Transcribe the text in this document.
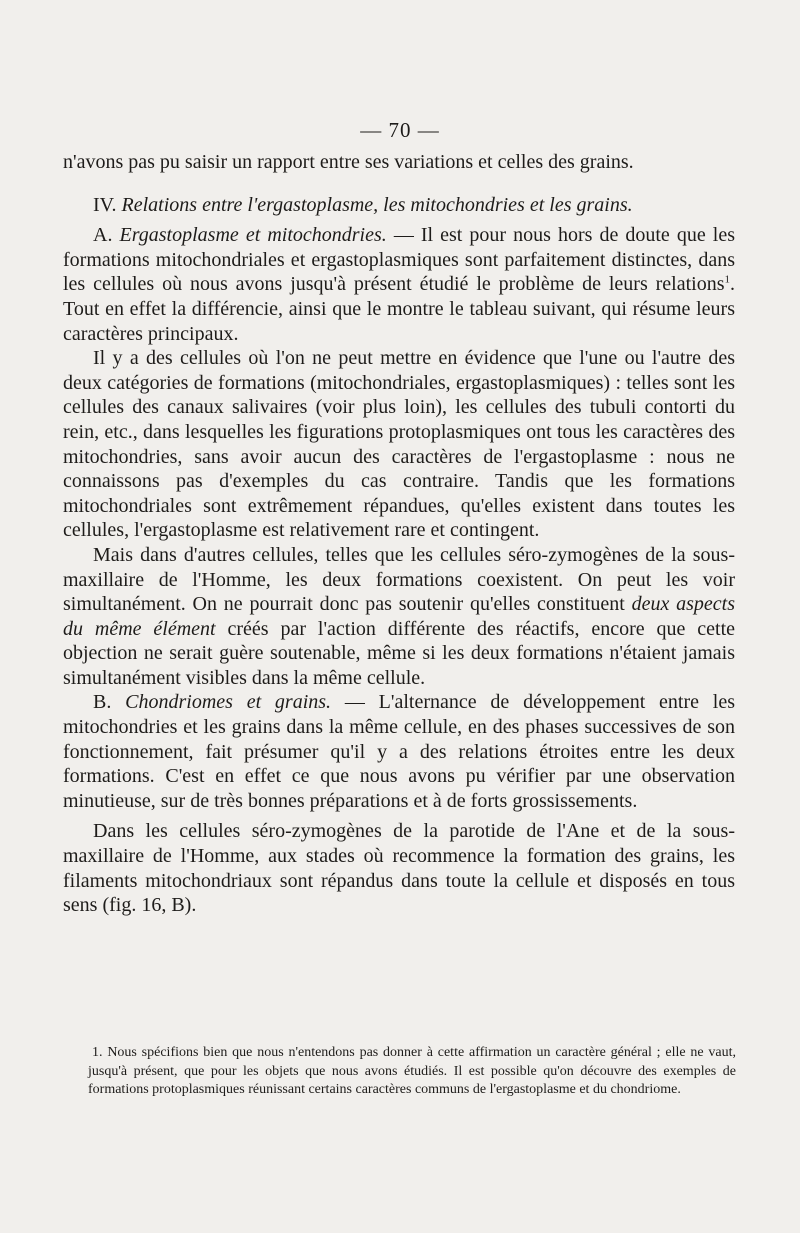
— 70 —

n'avons pas pu saisir un rapport entre ses variations et celles des grains.

IV. Relations entre l'ergastoplasme, les mitochondries et les grains.

A. Ergastoplasme et mitochondries. — Il est pour nous hors de doute que les formations mitochondriales et ergastoplasmiques sont parfaitement distinctes, dans les cellules où nous avons jusqu'à présent étudié le problème de leurs relations$^1$. Tout en effet la différencie, ainsi que le montre le tableau suivant, qui résume leurs caractères principaux.

Il y a des cellules où l'on ne peut mettre en évidence que l'une ou l'autre des deux catégories de formations (mitochondriales, ergastoplasmiques) : telles sont les cellules des canaux salivaires (voir plus loin), les cellules des tubuli contorti du rein, etc., dans lesquelles les figurations protoplasmiques ont tous les caractères des mitochondries, sans avoir aucun des caractères de l'ergastoplasme : nous ne connaissons pas d'exemples du cas contraire. Tandis que les formations mitochondriales sont extrêmement répandues, qu'elles existent dans toutes les cellules, l'ergastoplasme est relativement rare et contingent.

Mais dans d'autres cellules, telles que les cellules séro-zymogènes de la sous-maxillaire de l'Homme, les deux formations coexistent. On peut les voir simultanément. On ne pourrait donc pas soutenir qu'elles constituent deux aspects du même élément créés par l'action différente des réactifs, encore que cette objection ne serait guère soutenable, même si les deux formations n'étaient jamais simultanément visibles dans la même cellule.

B. Chondriomes et grains. — L'alternance de développement entre les mitochondries et les grains dans la même cellule, en des phases successives de son fonctionnement, fait présumer qu'il y a des relations étroites entre les deux formations. C'est en effet ce que nous avons pu vérifier par une observation minutieuse, sur de très bonnes préparations et à de forts grossissements.

Dans les cellules séro-zymogènes de la parotide de l'Ane et de la sous-maxillaire de l'Homme, aux stades où recommence la formation des grains, les filaments mitochondriaux sont répandus dans toute la cellule et disposés en tous sens (fig. 16, B).

1. Nous spécifions bien que nous n'entendons pas donner à cette affirmation un caractère général ; elle ne vaut, jusqu'à présent, que pour les objets que nous avons étudiés. Il est possible qu'on découvre des exemples de formations protoplasmiques réunissant certains caractères communs de l'ergastoplasme et du chondriome.
